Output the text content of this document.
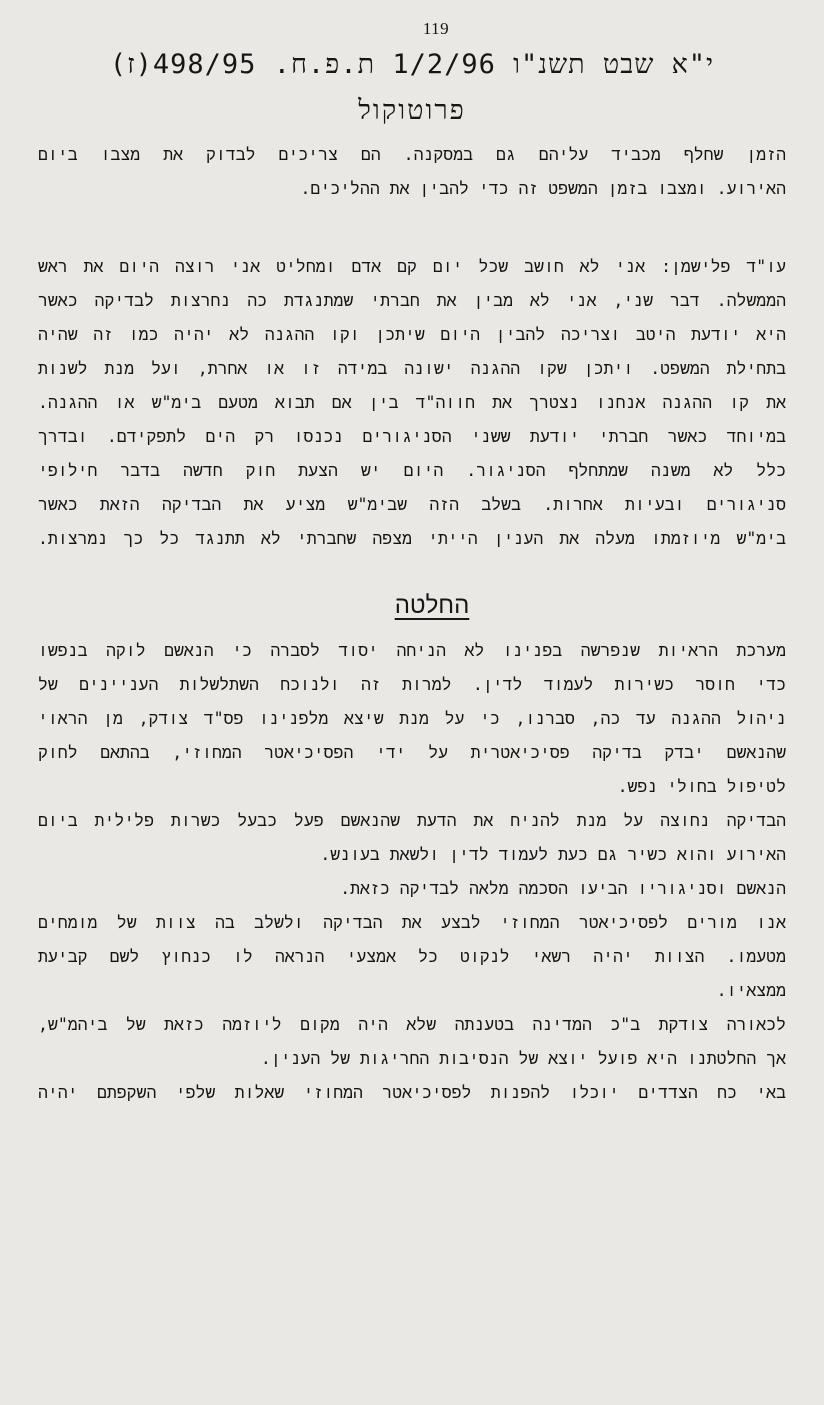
119
י"א שבט תשנ"ו 1/2/96 ת.פ.ח. 498/95(ז)
פרוטוקול
הזמן שחלף מכביד עליהם גם במסקנה. הם צריכים לבדוק את מצבו ביום
האירוע. ומצבו בזמן המשפט זה כדי להבין את ההליכים.
עו"ד פלישמן: אני לא חושב שכל יום קם אדם ומחליט אני רוצה היום את ראש
הממשלה. דבר שני, אני לא מבין את חברתי שמתנגדת כה נחרצות לבדיקה כאשר
היא יודעת היטב וצריכה להבין היום שיתכן וקו ההגנה לא יהיה כמו זה שהיה
בתחילת המשפט. ויתכן שקו ההגנה ישונה במידה זו או אחרת, ועל מנת לשנות
את קו ההגנה אנחנו נצטרך את חווה"ד בין אם תבוא מטעם בימ"ש או ההגנה.
במיוחד כאשר חברתי יודעת ששני הסניגורים נכנסו רק הים לתפקידם. ובדרך
כלל לא משנה שמתחלף הסניגור. היום יש הצעת חוק חדשה בדבר חילופי
סניגורים ובעיות אחרות. בשלב הזה שבימ"ש מציע את הבדיקה הזאת כאשר
בימ"ש מיוזמתו מעלה את הענין הייתי מצפה שחברתי לא תתנגד כל כך נמרצות.
החלטה
מערכת הראיות שנפרשה בפנינו לא הניחה יסוד לסברה כי הנאשם לוקה בנפשו
כדי חוסר כשירות לעמוד לדין. למרות זה ולנוכח השתלשלות העניינים של
ניהול ההגנה עד כה, סברנו, כי על מנת שיצא מלפנינו פס"ד צודק, מן הראוי
שהנאשם יבדק בדיקה פסיכיאטרית על ידי הפסיכיאטר המחוזי, בהתאם לחוק
לטיפול בחולי נפש.
הבדיקה נחוצה על מנת להניח את הדעת שהנאשם פעל כבעל כשרות פלילית ביום
האירוע והוא כשיר גם כעת לעמוד לדין ולשאת בעונש.
הנאשם וסניגוריו הביעו הסכמה מלאה לבדיקה כזאת.
אנו מורים לפסיכיאטר המחוזי לבצע את הבדיקה ולשלב בה צוות של מומחים
מטעמו. הצוות יהיה רשאי לנקוט כל אמצעי הנראה לו כנחוץ לשם קביעת
ממצאיו.
לכאורה צודקת ב"כ המדינה בטענתה שלא היה מקום ליוזמה כזאת של ביהמ"ש,
אך החלטתנו היא פועל יוצא של הנסיבות החריגות של הענין.
באי כח הצדדים יוכלו להפנות לפסיכיאטר המחוזי שאלות שלפי השקפתם יהיה
